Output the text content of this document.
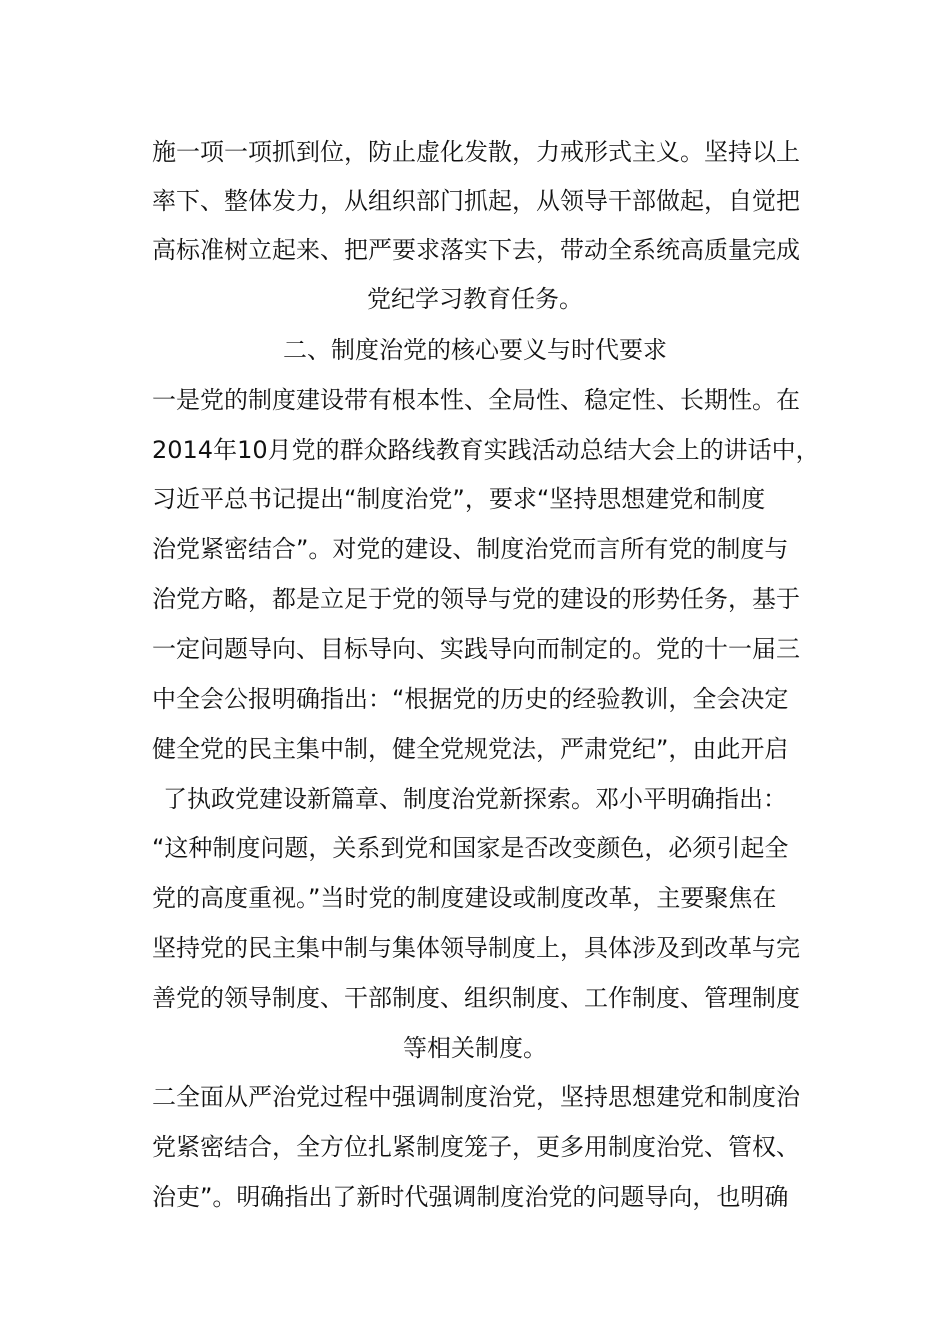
施一项一项抓到位，防止虚化发散，力戒形式主义。坚持以上
率下、整体发力，从组织部门抓起，从领导干部做起，自觉把
高标准树立起来、把严要求落实下去，带动全系统高质量完成
党纪学习教育任务。
二、制度治党的核心要义与时代要求
一是党的制度建设带有根本性、全局性、稳定性、长期性。在
2014年10月党的群众路线教育实践活动总结大会上的讲话中，
习近平总书记提出“制度治党”，要求“坚持思想建党和制度
治党紧密结合”。对党的建设、制度治党而言所有党的制度与
治党方略，都是立足于党的领导与党的建设的形势任务，基于
一定问题导向、目标导向、实践导向而制定的。党的十一届三
中全会公报明确指出：“根据党的历史的经验教训，全会决定
健全党的民主集中制，健全党规党法，严肃党纪”，由此开启
了执政党建设新篇章、制度治党新探索。邓小平明确指出：
“这种制度问题，关系到党和国家是否改变颜色，必须引起全
党的高度重视。”当时党的制度建设或制度改革，主要聚焦在
坚持党的民主集中制与集体领导制度上，具体涉及到改革与完
善党的领导制度、干部制度、组织制度、工作制度、管理制度
等相关制度。
二全面从严治党过程中强调制度治党，坚持思想建党和制度治
党紧密结合，全方位扎紧制度笼子，更多用制度治党、管权、
治吏”。明确指出了新时代强调制度治党的问题导向，也明确
